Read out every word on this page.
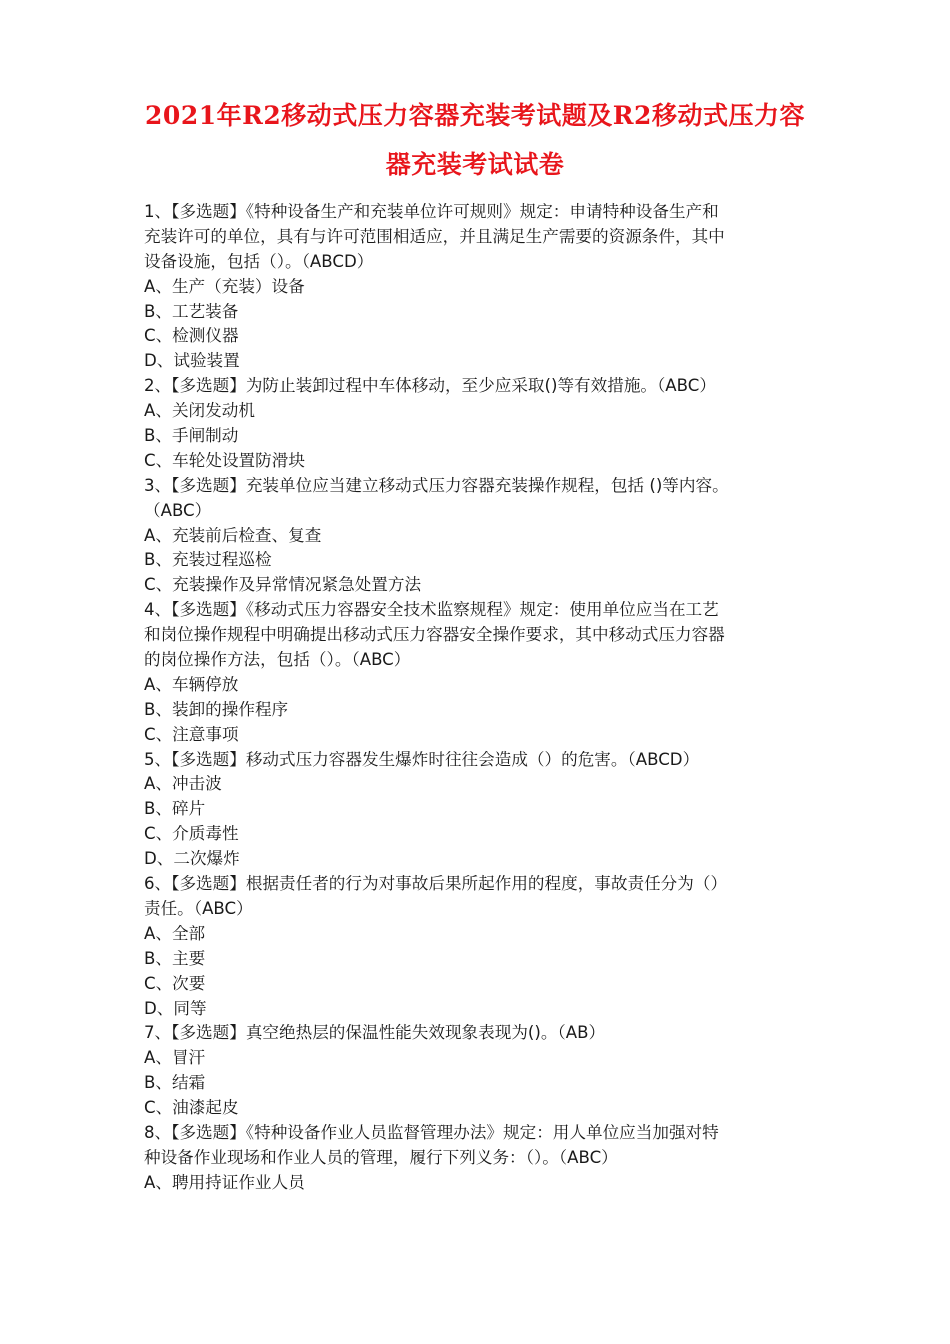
2021年R2移动式压力容器充装考试题及R2移动式压力容
器充装考试试卷
1、【多选题】《特种设备生产和充装单位许可规则》规定：申请特种设备生产和
充装许可的单位，具有与许可范围相适应，并且满足生产需要的资源条件，其中
设备设施，包括（）。（ABCD）
A、生产（充装）设备
B、工艺装备
C、检测仪器
D、试验装置
2、【多选题】为防止装卸过程中车体移动，至少应采取()等有效措施。（ABC）
A、关闭发动机
B、手闸制动
C、车轮处设置防滑块
3、【多选题】充装单位应当建立移动式压力容器充装操作规程，包括 ()等内容。
（ABC）
A、充装前后检查、复查
B、充装过程巡检
C、充装操作及异常情况紧急处置方法
4、【多选题】《移动式压力容器安全技术监察规程》规定：使用单位应当在工艺
和岗位操作规程中明确提出移动式压力容器安全操作要求，其中移动式压力容器
的岗位操作方法，包括（）。（ABC）
A、车辆停放
B、装卸的操作程序
C、注意事项
5、【多选题】移动式压力容器发生爆炸时往往会造成（）的危害。（ABCD）
A、冲击波
B、碎片
C、介质毒性
D、二次爆炸
6、【多选题】根据责任者的行为对事故后果所起作用的程度，事故责任分为（）
责任。（ABC）
A、全部
B、主要
C、次要
D、同等
7、【多选题】真空绝热层的保温性能失效现象表现为()。（AB）
A、冒汗
B、结霜
C、油漆起皮
8、【多选题】《特种设备作业人员监督管理办法》规定：用人单位应当加强对特
种设备作业现场和作业人员的管理，履行下列义务：（）。（ABC）
A、聘用持证作业人员
